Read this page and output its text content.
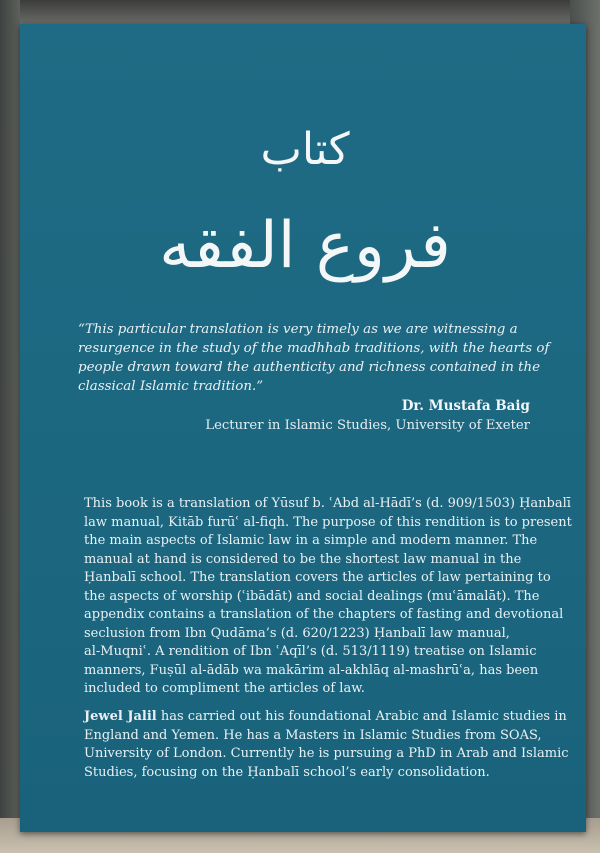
كتاب
فروع الفقه
“This particular translation is very timely as we are witnessing a resurgence in the study of the madhhab traditions, with the hearts of people drawn toward the authenticity and richness contained in the classical Islamic tradition.”
Dr. Mustafa Baig
Lecturer in Islamic Studies, University of Exeter
This book is a translation of Yūsuf b. ʿAbd al-Hādī’s (d. 909/1503) Ḥanbalī
law manual, Kitāb furūʿ al-fiqh. The purpose of this rendition is to present
the main aspects of Islamic law in a simple and modern manner. The
manual at hand is considered to be the shortest law manual in the
Ḥanbalī school. The translation covers the articles of law pertaining to
the aspects of worship (ʿibādāt) and social dealings (muʿāmalāt). The
appendix contains a translation of the chapters of fasting and devotional
seclusion from Ibn Qudāma’s (d. 620/1223) Ḥanbalī law manual,
al-Muqniʿ. A rendition of Ibn ʿAqīl’s (d. 513/1119) treatise on Islamic
manners, Fuṣūl al-ādāb wa makārim al-akhlāq al-mashrūʿa, has been
included to compliment the articles of law.
Jewel Jalil has carried out his foundational Arabic and Islamic studies in
England and Yemen. He has a Masters in Islamic Studies from SOAS,
University of London. Currently he is pursuing a PhD in Arab and Islamic
Studies, focusing on the Ḥanbalī school’s early consolidation.
